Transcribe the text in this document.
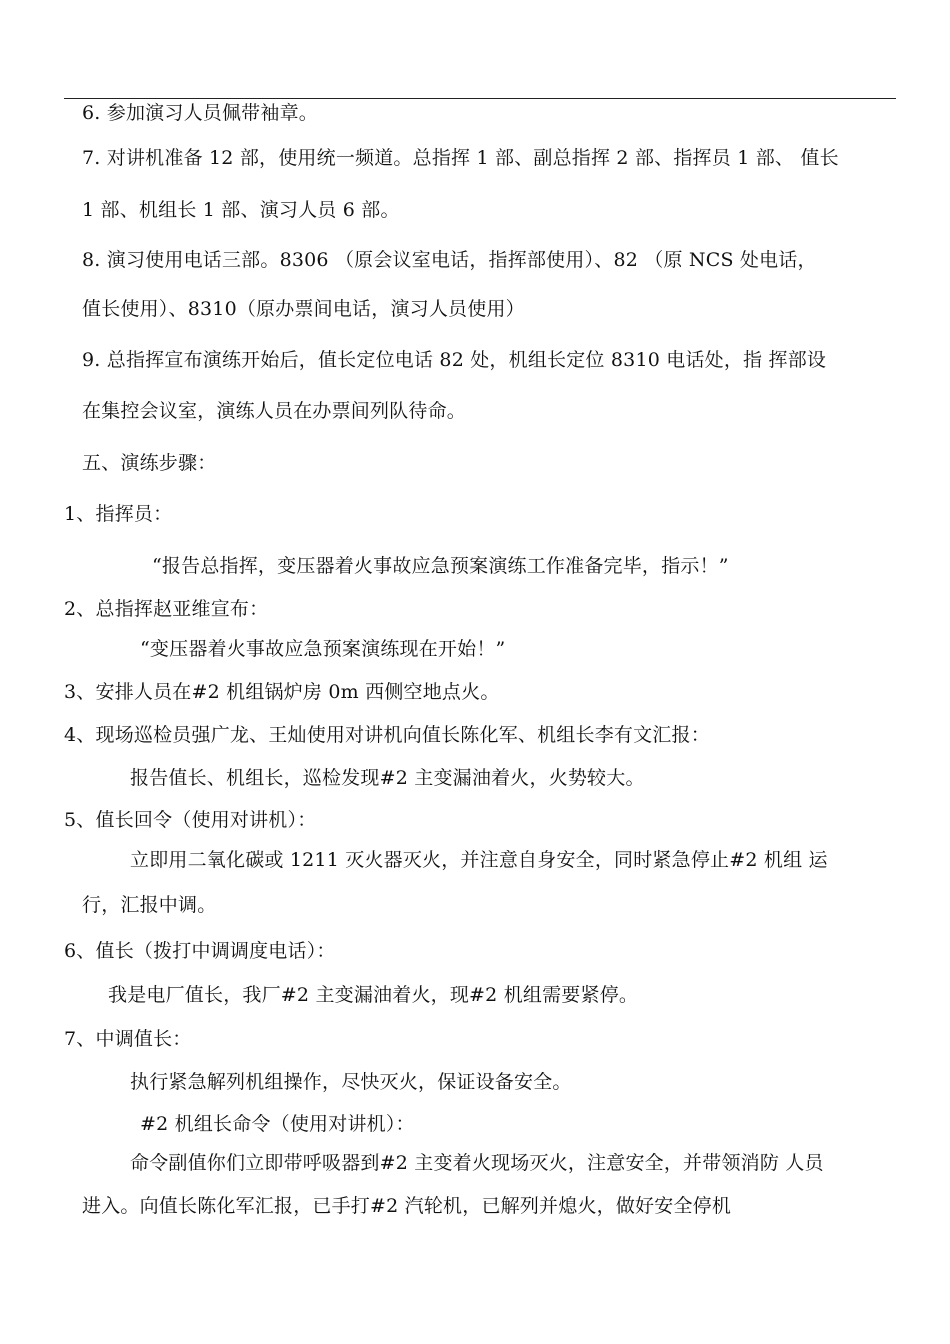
6. 参加演习人员佩带袖章。
7. 对讲机准备 12 部，使用统一频道。总指挥 1 部、副总指挥 2 部、指挥员 1 部、 值长
1 部、机组长 1 部、演习人员 6 部。
8. 演习使用电话三部。8306 （原会议室电话，指挥部使用）、82 （原 NCS 处电话，
值长使用）、8310（原办票间电话，演习人员使用）
9. 总指挥宣布演练开始后，值长定位电话 82 处，机组长定位 8310 电话处，指 挥部设
在集控会议室，演练人员在办票间列队待命。
五、演练步骤：
1、指挥员：
“报告总指挥，变压器着火事故应急预案演练工作准备完毕，指示！”
2、总指挥赵亚维宣布：
“变压器着火事故应急预案演练现在开始！”
3、安排人员在#2 机组锅炉房 0m 西侧空地点火。
4、现场巡检员强广龙、王灿使用对讲机向值长陈化军、机组长李有文汇报：
报告值长、机组长，巡检发现#2 主变漏油着火，火势较大。
5、值长回令（使用对讲机）：
立即用二氧化碳或 1211 灭火器灭火，并注意自身安全，同时紧急停止#2 机组 运
行，汇报中调。
6、值长（拨打中调调度电话）：
我是电厂值长，我厂#2 主变漏油着火，现#2 机组需要紧停。
7、中调值长：
执行紧急解列机组操作，尽快灭火，保证设备安全。
#2 机组长命令（使用对讲机）：
命令副值你们立即带呼吸器到#2 主变着火现场灭火，注意安全，并带领消防 人员
进入。向值长陈化军汇报，已手打#2 汽轮机，已解列并熄火，做好安全停机
